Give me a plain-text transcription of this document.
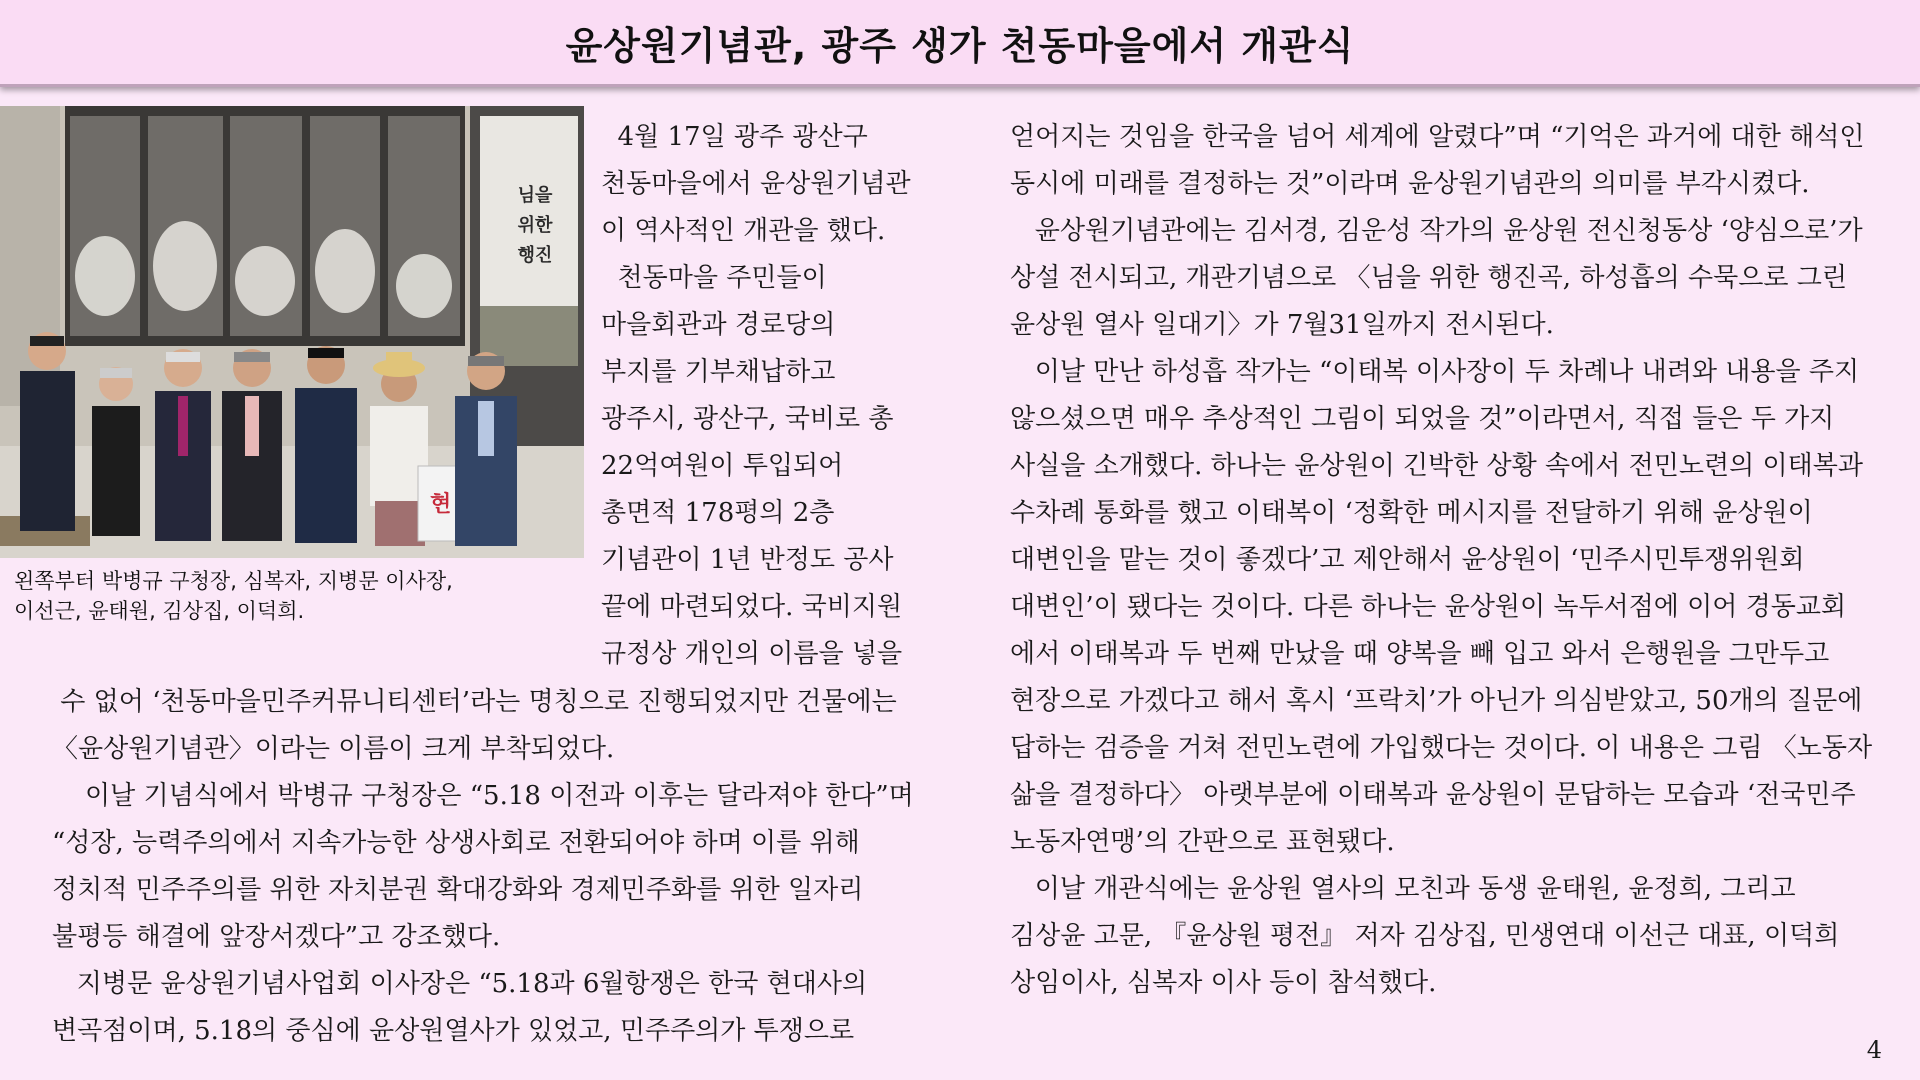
윤상원기념관, 광주 생가 천동마을에서 개관식
님을
위한
행진
현
왼쪽부터 박병규 구청장, 심복자, 지병문 이사장,
이선근, 윤태원, 김상집, 이덕희.

4월 17일 광주 광산구

천동마을에서 윤상원기념관

이 역사적인 개관을 했다.

천동마을 주민들이

마을회관과 경로당의

부지를 기부채납하고

광주시, 광산구, 국비로 총

22억여원이 투입되어

총면적 178평의 2층

기념관이 1년 반정도 공사

끝에 마련되었다. 국비지원

규정상 개인의 이름을 넣을

수 없어 ‘천동마을민주커뮤니티센터’라는 명칭으로 진행되었지만 건물에는

〈윤상원기념관〉이라는 이름이 크게 부착되었다.

이날 기념식에서 박병규 구청장은 “5.18 이전과 이후는 달라져야 한다”며

“성장, 능력주의에서 지속가능한 상생사회로 전환되어야 하며 이를 위해

정치적 민주주의를 위한 자치분권 확대강화와 경제민주화를 위한 일자리

불평등 해결에 앞장서겠다”고 강조했다.

지병문 윤상원기념사업회 이사장은 “5.18과 6월항쟁은 한국 현대사의

변곡점이며, 5.18의 중심에 윤상원열사가 있었고, 민주주의가 투쟁으로

얻어지는 것임을 한국을 넘어 세계에 알렸다”며 “기억은 과거에 대한 해석인

동시에 미래를 결정하는 것”이라며 윤상원기념관의 의미를 부각시켰다.

윤상원기념관에는 김서경, 김운성 작가의 윤상원 전신청동상 ‘양심으로’가

상설 전시되고, 개관기념으로 〈님을 위한 행진곡, 하성흡의 수묵으로 그린

윤상원 열사 일대기〉가 7월31일까지 전시된다.

이날 만난 하성흡 작가는 “이태복 이사장이 두 차례나 내려와 내용을 주지

않으셨으면 매우 추상적인 그림이 되었을 것”이라면서, 직접 들은 두 가지

사실을 소개했다. 하나는 윤상원이 긴박한 상황 속에서 전민노련의 이태복과

수차례 통화를 했고 이태복이 ‘정확한 메시지를 전달하기 위해 윤상원이

대변인을 맡는 것이 좋겠다’고 제안해서 윤상원이 ‘민주시민투쟁위원회

대변인’이 됐다는 것이다. 다른 하나는 윤상원이 녹두서점에 이어 경동교회

에서 이태복과 두 번째 만났을 때 양복을 빼 입고 와서 은행원을 그만두고

현장으로 가겠다고 해서 혹시 ‘프락치’가 아닌가 의심받았고, 50개의 질문에

답하는 검증을 거쳐 전민노련에 가입했다는 것이다. 이 내용은 그림 〈노동자

삶을 결정하다〉 아랫부분에 이태복과 윤상원이 문답하는 모습과 ‘전국민주

노동자연맹’의 간판으로 표현됐다.

이날 개관식에는 윤상원 열사의 모친과 동생 윤태원, 윤정희, 그리고

김상윤 고문, 『윤상원 평전』 저자 김상집, 민생연대 이선근 대표, 이덕희

상임이사, 심복자 이사 등이 참석했다.

4
